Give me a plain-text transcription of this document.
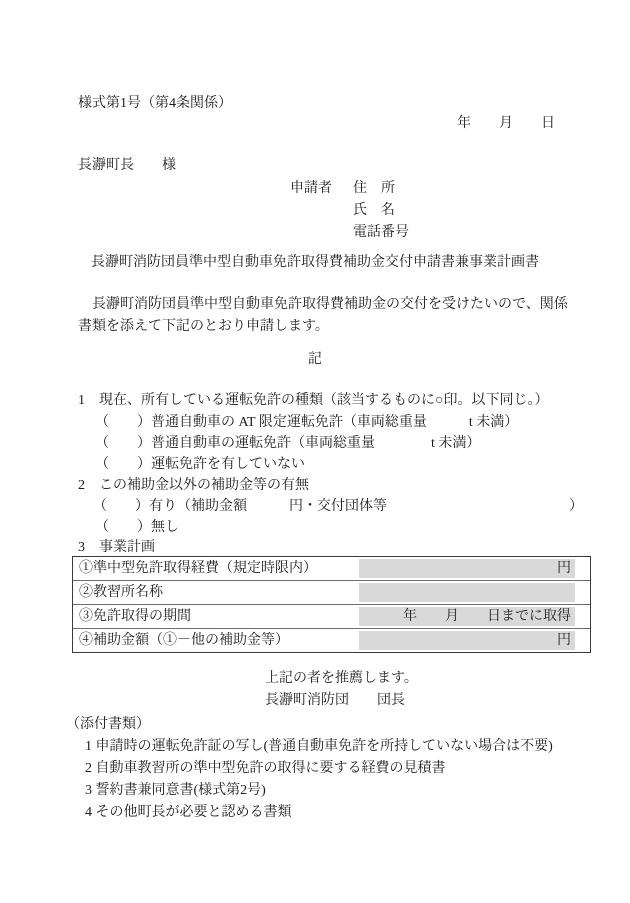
様式第1号（第4条関係）
年　　月　　日
長瀞町長　　様
申請者 住　所
氏　名
電話番号
長瀞町消防団員準中型自動車免許取得費補助金交付申請書兼事業計画書
　長瀞町消防団員準中型自動車免許取得費補助金の交付を受けたいので、関係
書類を添えて下記のとおり申請します。
記
1　現在、所有している運転免許の種類（該当するものに○印。以下同じ。）
（　　）普通自動車の AT 限定運転免許（車両総重量　　　t 未満）
（　　）普通自動車の運転免許（車両総重量　　　　t 未満）
（　　）運転免許を有していない
2　この補助金以外の補助金等の有無
（　　）有り（補助金額　　　円・交付団体等　　　　　　　　　　　　　）
（　　）無し
3　事業計画
①準中型免許取得経費（規定時限内）	円
②教習所名称
③免許取得の期間	年　　月　　日までに取得
④補助金額（①－他の補助金等）	円
上記の者を推薦します。
長瀞町消防団　　団長
（添付書類）
1 申請時の運転免許証の写し(普通自動車免許を所持していない場合は不要)
2 自動車教習所の準中型免許の取得に要する経費の見積書
3 誓約書兼同意書(様式第2号)
4 その他町長が必要と認める書類
